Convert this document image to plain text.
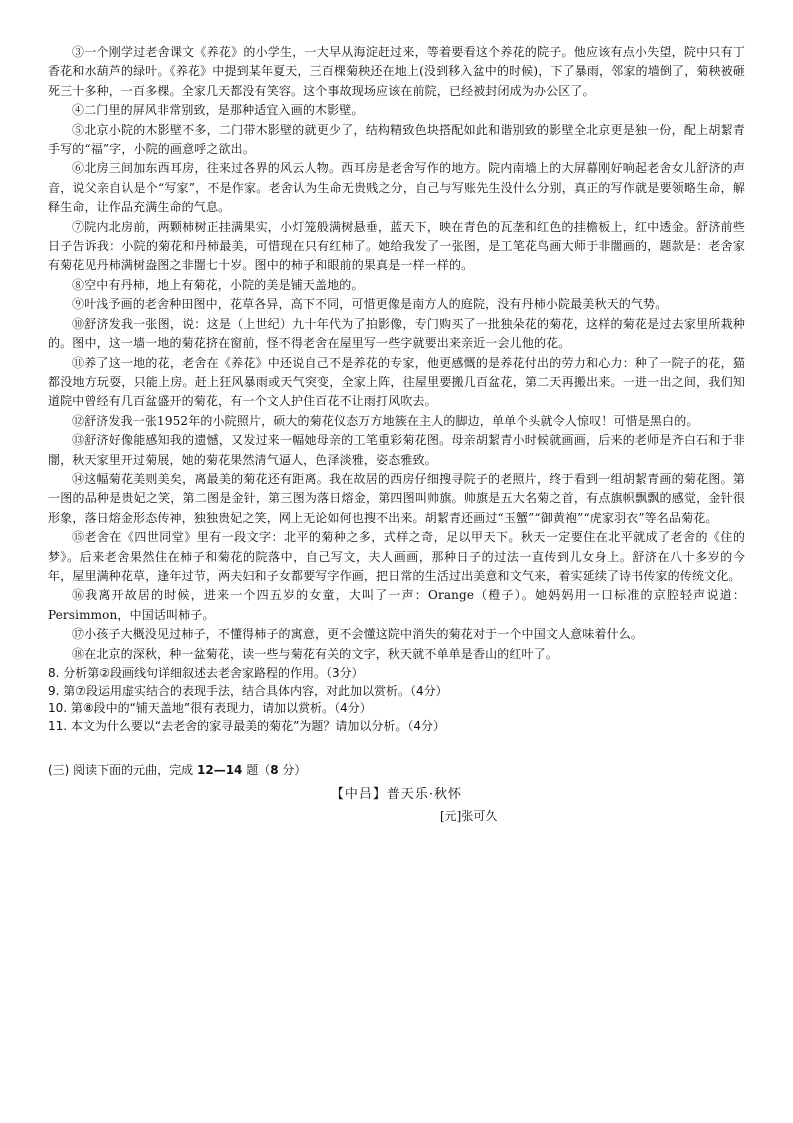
③一个刚学过老舍课文《养花》的小学生，一大早从海淀赶过来，等着要看这个养花的院子。他应该有点小失望，院中只有丁香花和水葫芦的绿叶。《养花》中提到某年夏天，三百棵菊秧还在地上(没到移入盆中的时候)，下了暴雨，邻家的墙倒了，菊秧被砸死三十多种，一百多棵。全家几天都没有笑容。这个事故现场应该在前院，已经被封闭成为办公区了。

④二门里的屏风非常别致，是那种适宜入画的木影壁。

⑤北京小院的木影壁不多，二门带木影壁的就更少了，结构精致色块搭配如此和谐别致的影壁全北京更是独一份，配上胡絜青手写的“福”字，小院的画意呼之欲出。

⑥北房三间加东西耳房，往来过各界的风云人物。西耳房是老舍写作的地方。院内南墙上的大屏幕刚好响起老舍女儿舒济的声音，说父亲自认是个“写家”，不是作家。老舍认为生命无贵贱之分，自己与写账先生没什么分别，真正的写作就是要领略生命，解释生命，让作品充满生命的气息。

⑦院内北房前，两颗柿树正挂满果实，小灯笼般满树悬垂，蓝天下，映在青色的瓦垄和红色的挂檐板上，红中透金。舒济前些日子告诉我：小院的菊花和丹柿最美，可惜现在只有红柿了。她给我发了一张图，是工笔花鸟画大师于非闇画的，题款是：老舍家有菊花见丹柿满树盎图之非闇七十岁。图中的柿子和眼前的果真是一样一样的。

⑧空中有丹柿，地上有菊花，小院的美是铺天盖地的。

⑨叶浅予画的老舍种田图中，花草各异，高下不同，可惜更像是南方人的庭院，没有丹柿小院最美秋天的气势。

⑩舒济发我一张图，说：这是（上世纪）九十年代为了拍影像，专门购买了一批独朵花的菊花，这样的菊花是过去家里所栽种的。图中，这一墙一地的菊花挤在窗前，怪不得老舍在屋里写一些字就要出来亲近一会儿他的花。

⑪养了这一地的花，老舍在《养花》中还说自己不是养花的专家，他更感慨的是养花付出的劳力和心力：种了一院子的花，猫都没地方玩耍，只能上房。赶上狂风暴雨或天气突变，全家上阵，往屋里要搬几百盆花，第二天再搬出来。一进一出之间，我们知道院中曾经有几百盆盛开的菊花，有一个文人护住百花不让雨打风吹去。

⑫舒济发我一张1952年的小院照片，硕大的菊花仪态万方地簇在主人的脚边，单单个头就令人惊叹！可惜是黑白的。

⑬舒济好像能感知我的遗憾，又发过来一幅她母亲的工笔重彩菊花图。母亲胡絜青小时候就画画，后来的老师是齐白石和于非闇，秋天家里开过菊展，她的菊花果然清气逼人，色泽淡雅，姿态雅致。

⑭这幅菊花美则美矣，离最美的菊花还有距离。我在故居的西房仔细搜寻院子的老照片，终于看到一组胡絜青画的菊花图。第一图的品种是贵妃之笑，第二图是金针，第三图为落日熔金，第四图叫帅旗。帅旗是五大名菊之首，有点旗帜飘飘的感觉，金针很形象，落日熔金形态传神，独独贵妃之笑，网上无论如何也搜不出来。胡絜青还画过“玉蟹”“御黄袍”“虎家羽衣”等名品菊花。

⑮老舍在《四世同堂》里有一段文字：北平的菊种之多，式样之奇，足以甲天下。秋天一定要住在北平就成了老舍的《住的梦》。后来老舍果然住在柿子和菊花的院落中，自己写文，夫人画画，那种日子的过法一直传到儿女身上。舒济在八十多岁的今年，屋里满种花草，逢年过节，两夫妇和子女都要写字作画，把日常的生活过出美意和文气来，着实延续了诗书传家的传统文化。

⑯我离开故居的时候，进来一个四五岁的女童，大叫了一声：Orange（橙子）。她妈妈用一口标准的京腔轻声说道：Persimmon，中国话叫柿子。

⑰小孩子大概没见过柿子，不懂得柿子的寓意，更不会懂这院中消失的菊花对于一个中国文人意味着什么。

⑱在北京的深秋，种一盆菊花，读一些与菊花有关的文字，秋天就不单单是香山的红叶了。

8. 分析第②段画线句详细叙述去老舍家路程的作用。（3分）

9. 第⑦段运用虚实结合的表现手法，结合具体内容，对此加以赏析。（4分）

10. 第⑧段中的“铺天盖地”很有表现力，请加以赏析。（4分）

11. 本文为什么要以“去老舍的家寻最美的菊花”为题？请加以分析。（4分）

(三) 阅读下面的元曲，完成 12—14 题（8 分）

【中吕】普天乐·秋怀

[元]张可久
